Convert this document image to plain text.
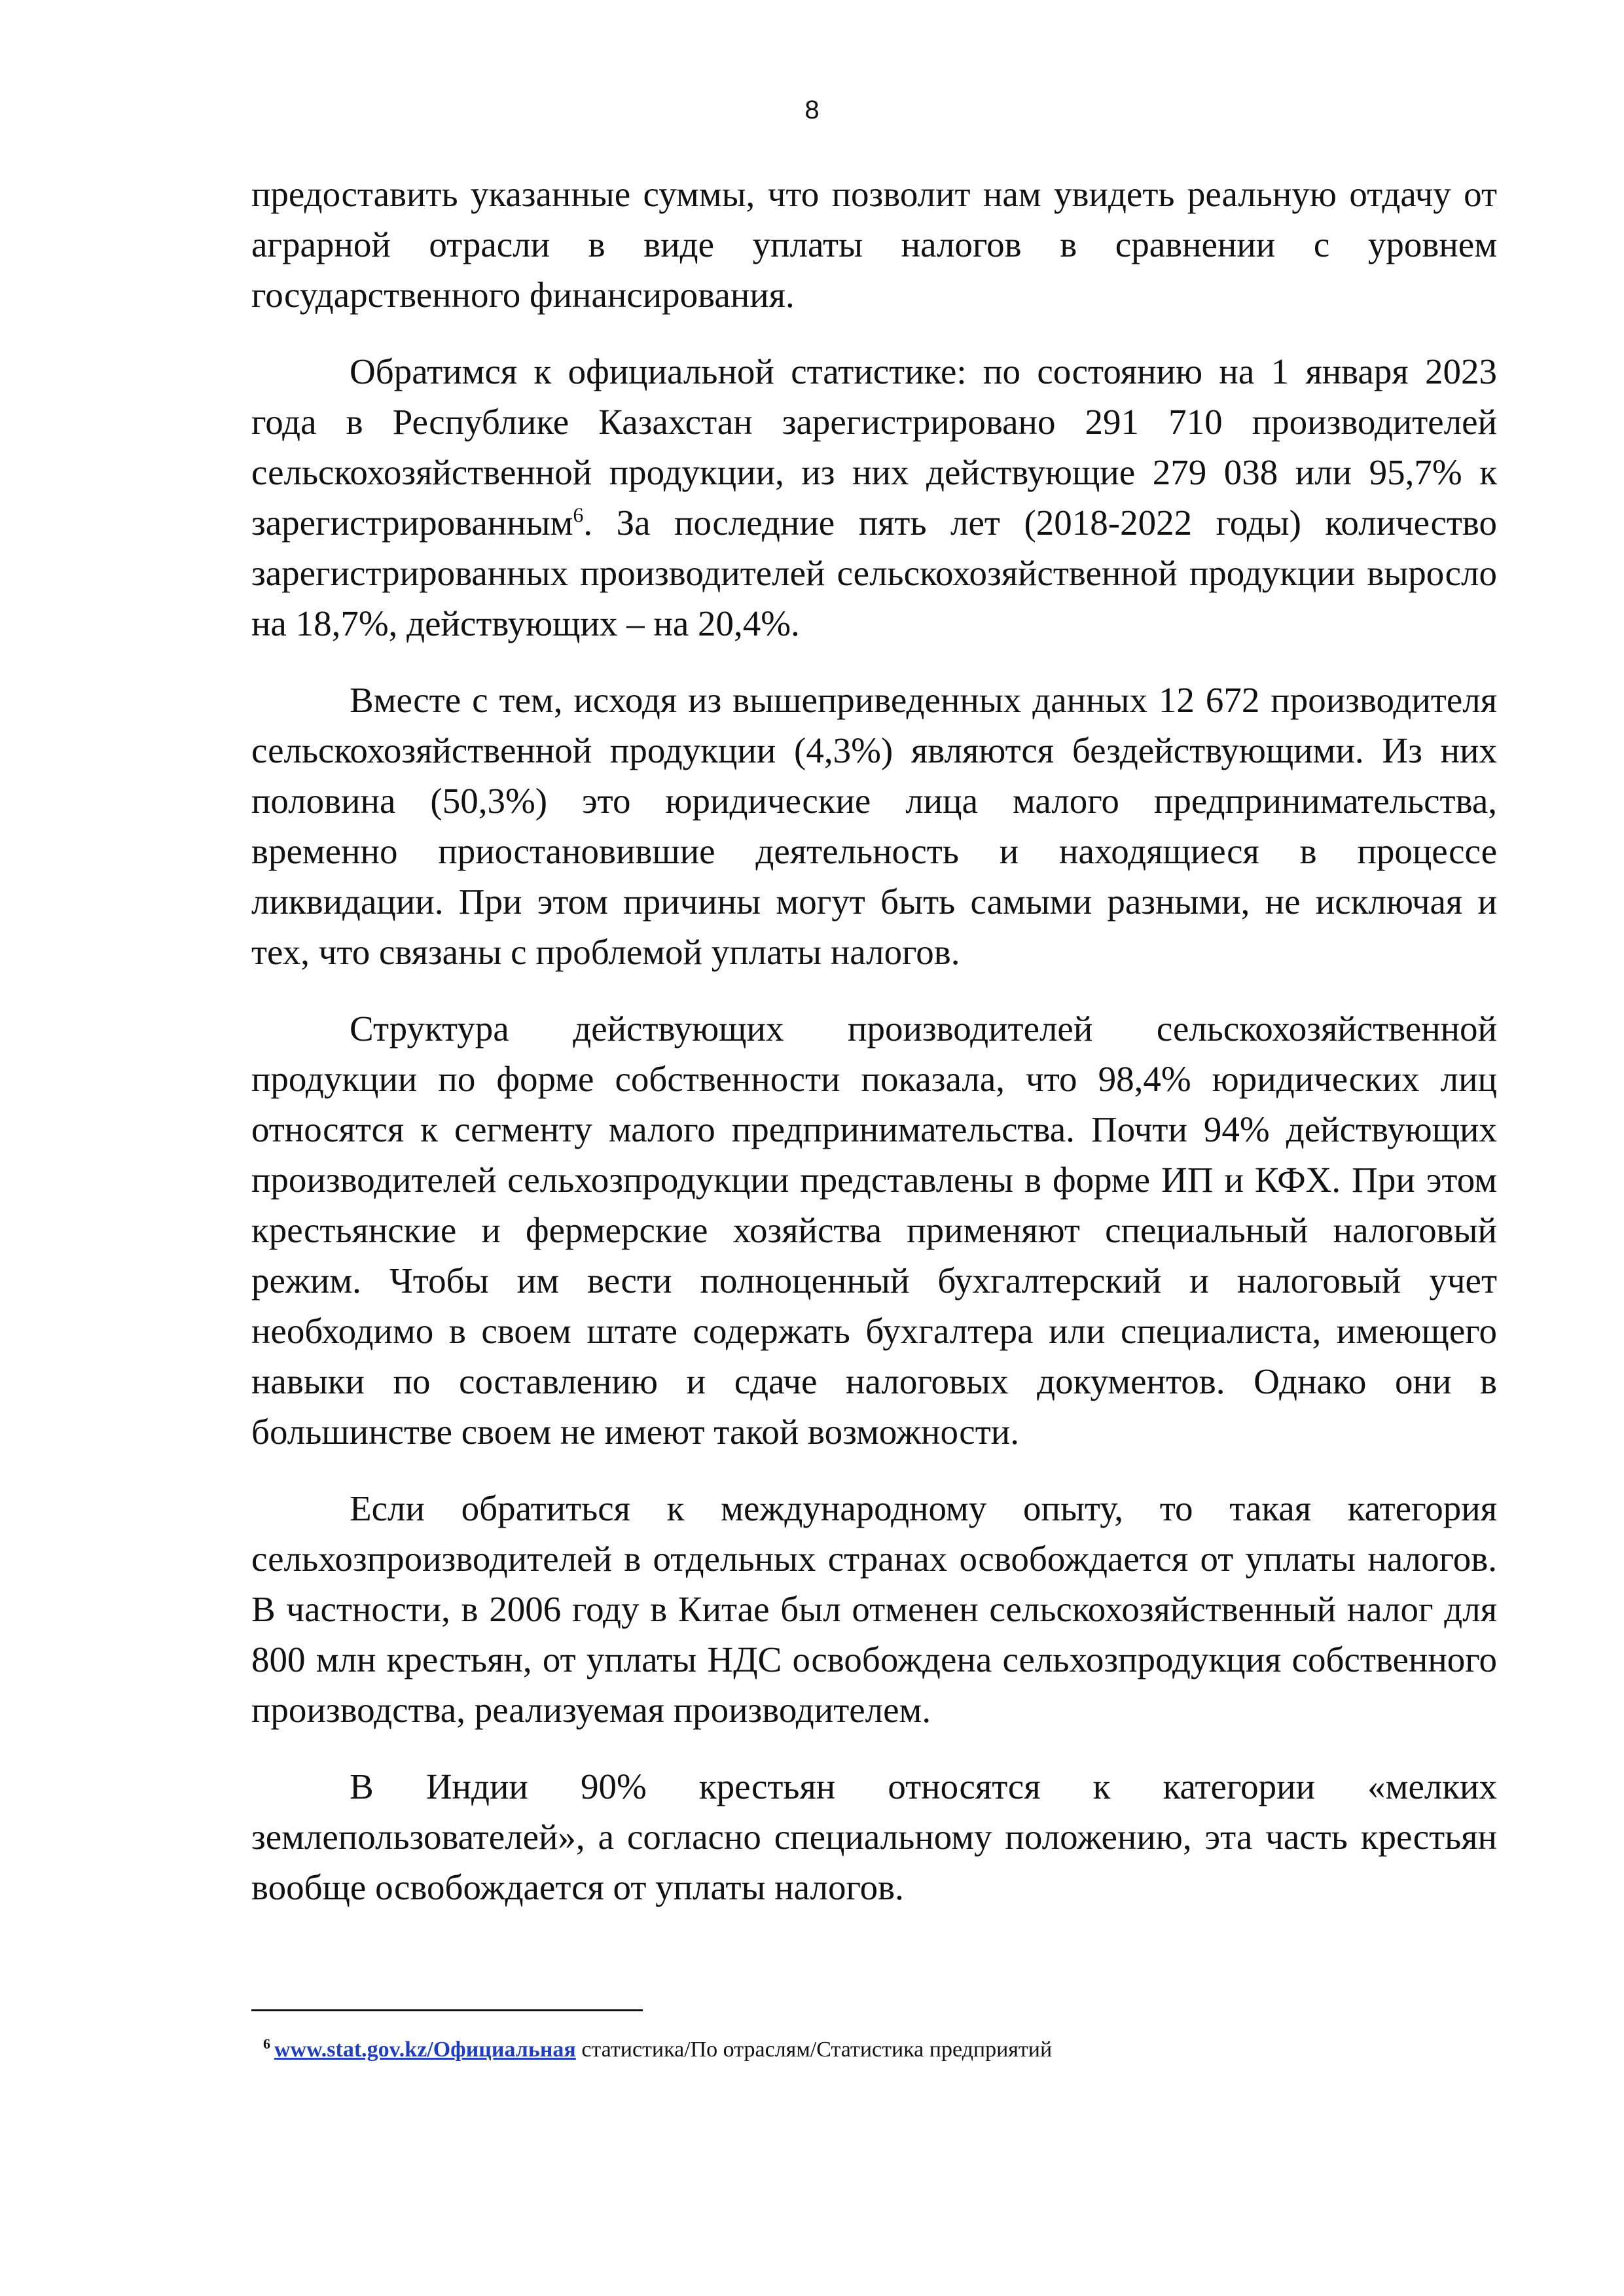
8

предоставить указанные суммы, что позволит нам увидеть реальную отдачу от аграрной отрасли в виде уплаты налогов в сравнении с уровнем государственного финансирования.

Обратимся к официальной статистике: по состоянию на 1 января 2023 года в Республике Казахстан зарегистрировано 291 710 производителей сельскохозяйственной продукции, из них действующие 279 038 или 95,7% к зарегистрированным$^6$. За последние пять лет (2018-2022 годы) количество зарегистрированных производителей сельскохозяйственной продукции выросло на 18,7%, действующих – на 20,4%.

Вместе с тем, исходя из вышеприведенных данных 12 672 производителя сельскохозяйственной продукции (4,3%) являются бездействующими. Из них половина (50,3%) это юридические лица малого предпринимательства, временно приостановившие деятельность и находящиеся в процессе ликвидации. При этом причины могут быть самыми разными, не исключая и тех, что связаны с проблемой уплаты налогов.

Структура действующих производителей сельскохозяйственной продукции по форме собственности показала, что 98,4% юридических лиц относятся к сегменту малого предпринимательства. Почти 94% действующих производителей сельхозпродукции представлены в форме ИП и КФХ. При этом крестьянские и фермерские хозяйства применяют специальный налоговый режим. Чтобы им вести полноценный бухгалтерский и налоговый учет необходимо в своем штате содержать бухгалтера или специалиста, имеющего навыки по составлению и сдаче налоговых документов. Однако они в большинстве своем не имеют такой возможности.

Если обратиться к международному опыту, то такая категория сельхозпроизводителей в отдельных странах освобождается от уплаты налогов. В частности, в 2006 году в Китае был отменен сельскохозяйственный налог для 800 млн крестьян, от уплаты НДС освобождена сельхозпродукция собственного производства, реализуемая производителем.

В Индии 90% крестьян относятся к категории «мелких землепользователей», а согласно специальному положению, эта часть крестьян вообще освобождается от уплаты налогов.

$^6$ www.stat.gov.kz/Официальная статистика/По отраслям/Статистика предприятий
